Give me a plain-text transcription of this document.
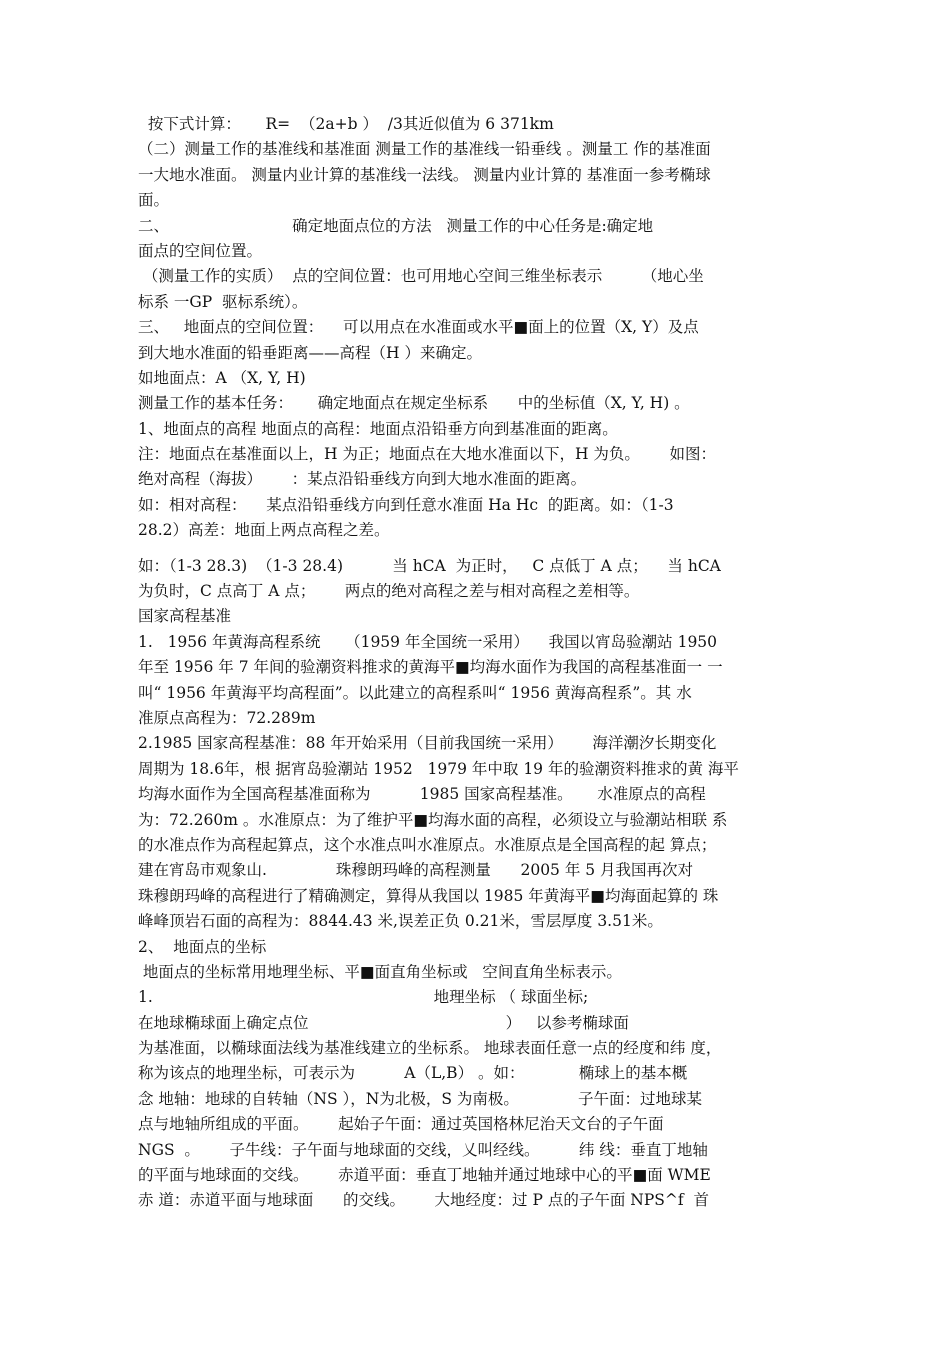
按下式计算：     R=  （2a+b ）  /3其近似值为 6 371km
（二）测量工作的基准线和基准面 测量工作的基准线一铅垂线 。测量工 作的基准面
一大地水准面。 测量内业计算的基准线一法线。 测量内业计算的 基准面一参考椭球
面。
二、                         确定地面点位的方法   测量工作的中心任务是:确定地
面点的空间位置。
（测量工作的实质）  点的空间位置：也可用地心空间三维坐标表示        （地心坐
标系 一GP  驱标系统）。
三、   地面点的空间位置：    可以用点在水准面或水平■面上的位置（X, Y）及点
到大地水准面的铅垂距离——高程（H ）来确定。
如地面点：A （X, Y, H)
测量工作的基本任务：     确定地面点在规定坐标系      中的坐标值（X, Y, H) 。
1、地面点的高程 地面点的高程：地面点沿铅垂方向到基准面的距离。
注：地面点在基准面以上，H 为正；地面点在大地水准面以下，H 为负。      如图：
绝对高程（海拔）      ：某点沿铅垂线方向到大地水准面的距离。
如：相对高程：    某点沿铅垂线方向到任意水准面 Ha Hc  的距离。如：（1-3
28.2）高差：地面上两点高程之差。
如：（1-3 28.3)  （1-3 28.4)          当 hCA  为正时，   C 点低丁 A 点；    当 hCA
为负时，C 点高丁 A 点；      两点的绝对高程之差与相对高程之差相等。
国家高程基准
1.   1956 年黄海高程系统     （1959 年全国统一采用）    我国以宵岛验潮站 1950
年至 1956 年 7 年间的验潮资料推求的黄海平■均海水面作为我国的高程基准面一 一
叫“ 1956 年黄海平均高程面”。以此建立的高程系叫“ 1956 黄海高程系”。其 水
准原点高程为：72.289m
2.1985 国家高程基准：88 年开始采用（目前我国统一采用）      海洋潮汐长期变化
周期为 18.6年，根 据宵岛验潮站 1952   1979 年中取 19 年的验潮资料推求的黄 海平
均海水面作为全国高程基准面称为          1985 国家高程基准。     水准原点的高程
为：72.260m 。水准原点：为了维护平■均海水面的高程，必须设立与验潮站相联 系
的水准点作为高程起算点，这个水准点叫水准原点。水准原点是全国高程的起 算点；
建在宵岛市观象山.              珠穆朗玛峰的高程测量      2005 年 5 月我国再次对
珠穆朗玛峰的高程进行了精确测定，算得从我国以 1985 年黄海平■均海面起算的 珠
峰峰顶岩石面的高程为：8844.43 米,误差正负 0.21米，雪层厚度 3.51米。
2、  地面点的坐标
地面点的坐标常用地理坐标、平■面直角坐标或   空间直角坐标表示。
1.                                                         地理坐标 （ 球面坐标;
在地球椭球面上确定点位                                        ）   以参考椭球面
为基准面，以椭球面法线为基准线建立的坐标系。 地球表面任意一点的经度和纬 度，
称为该点的地理坐标，可表示为          A（L,B） 。如：           椭球上的基本概
念 地轴：地球的自转轴（NS ），N为北极，S 为南极。            子午面：过地球某
点与地轴所组成的平面。      起始子午面：通过英国格林尼治天文台的子午面
NGS  。      子牛线：子午面与地球面的交线，乂叫经线。        纬 线：垂直丁地轴
的平面与地球面的交线。      赤道平面：垂直丁地轴并通过地球中心的平■面 WME
赤 道：赤道平面与地球面      的交线。      大地经度：过 P 点的子午面 NPS^f  首
